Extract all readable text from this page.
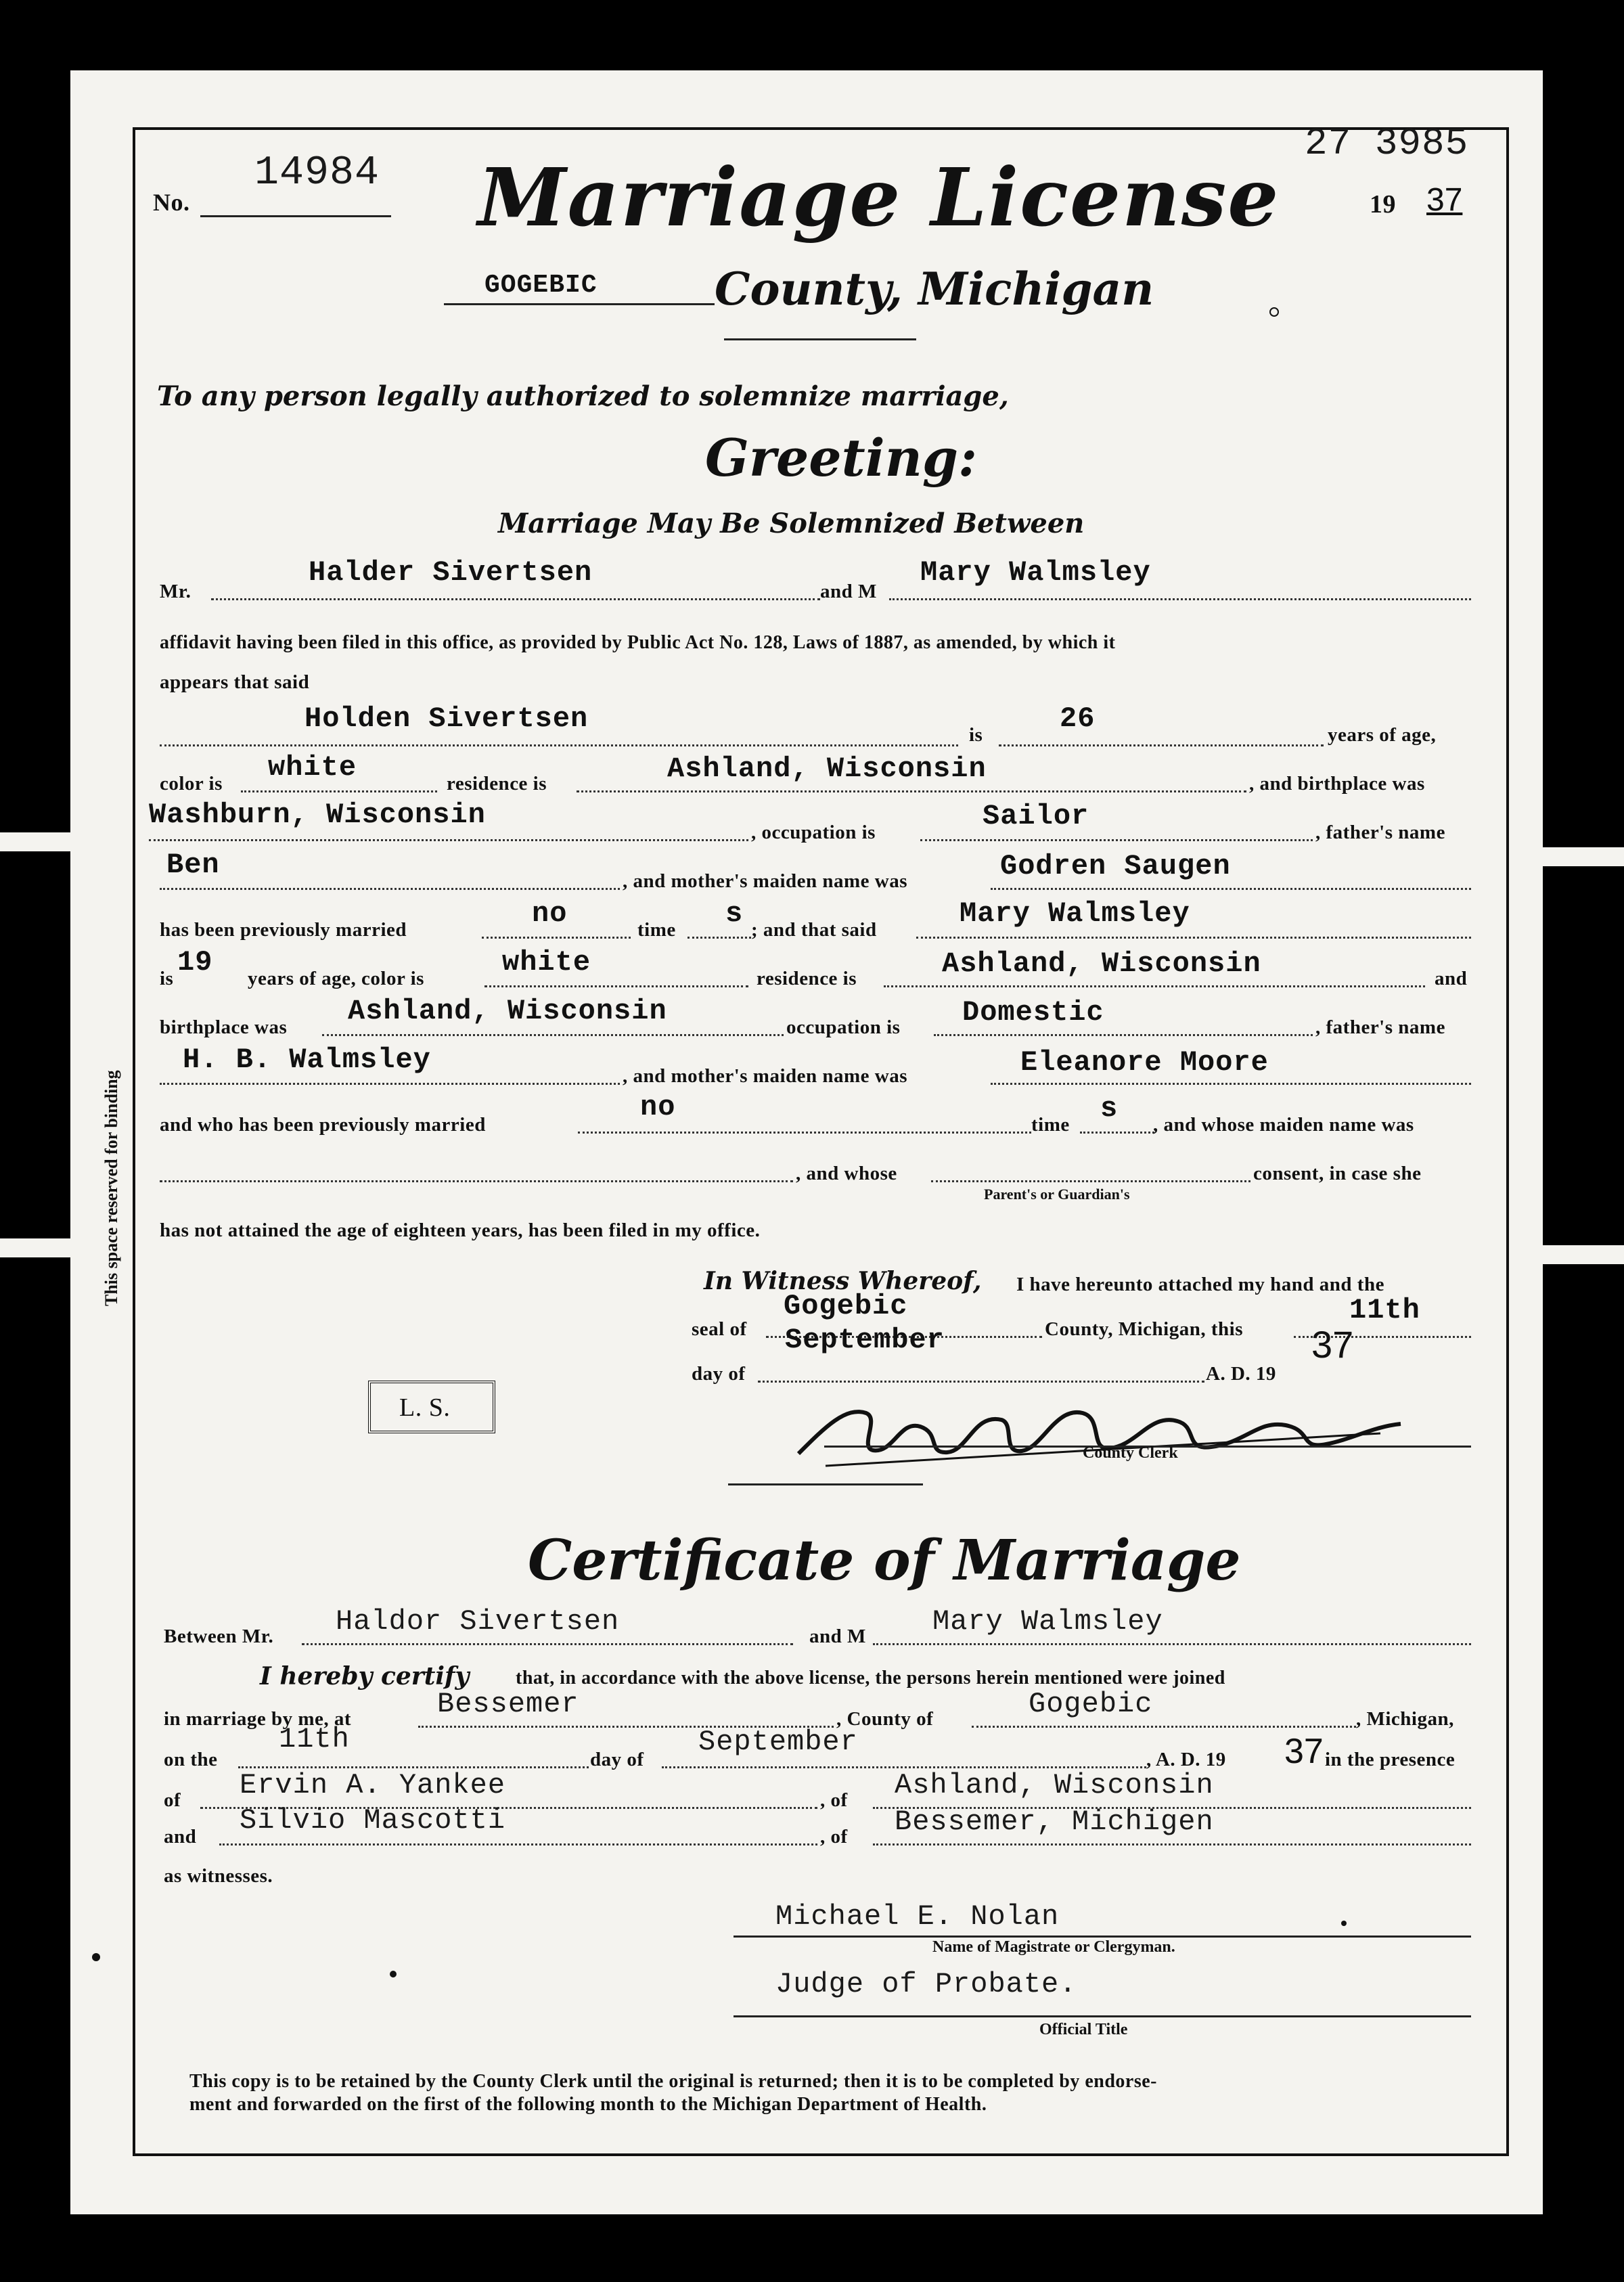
This space reserved for binding
No.
14984
27 3985
19 37
Marriage License
GOGEBIC	County, Michigan
To any person legally authorized to solemnize marriage,
Greeting:
Marriage May Be Solemnized Between
Mr.
Halder Sivertsen
and M
Mary Walmsley
affidavit having been filed in this office, as provided by Public Act No. 128, Laws of 1887, as amended, by which it
appears that said
Holden Sivertsen	is	26	years of age,
color is white	residence is	Ashland, Wisconsin	, and birthplace was
Washburn, Wisconsin
, occupation is	Sailor	, father's name
Ben	, and mother's maiden name was	Godren Saugen
has been previously married	no	time s ; and that said	Mary Walmsley
is 19 years of age, color is	white	residence is	Ashland, Wisconsin	and
birthplace was Ashland, Wisconsin	occupation is Domestic	, father's name
H. B. Walmsley	, and mother's maiden name was	Eleanore Moore
and who has been previously married
no
time s , and whose maiden name was
, and whose	consent, in case she
Parent's or Guardian's
has not attained the age of eighteen years, has been filed in my office.
In Witness Whereof, I have hereunto attached my hand and the
seal of
Gogebic
County, Michigan, this
11th
day of
September
A. D. 19
37
L. S.
County Clerk
Certificate of Marriage
Between Mr. Haldor Sivertsen	and M Mary Walmsley
I hereby certify that, in accordance with the above license, the persons herein mentioned were joined
in marriage by me, at	Bessemer	, County of	Gogebic	, Michigan,
on the
11th
day of
September
, A. D. 19 37 in the presence
of Ervin A. Yankee	, of Ashland, Wisconsin
and Silvio Mascotti	, of Bessemer, Michigen
as witnesses.
Michael E. Nolan
Name of Magistrate or Clergyman.
Judge of Probate.
Official Title
This copy is to be retained by the County Clerk until the original is returned; then it is to be completed by endorse-
ment and forwarded on the first of the following month to the Michigan Department of Health.
